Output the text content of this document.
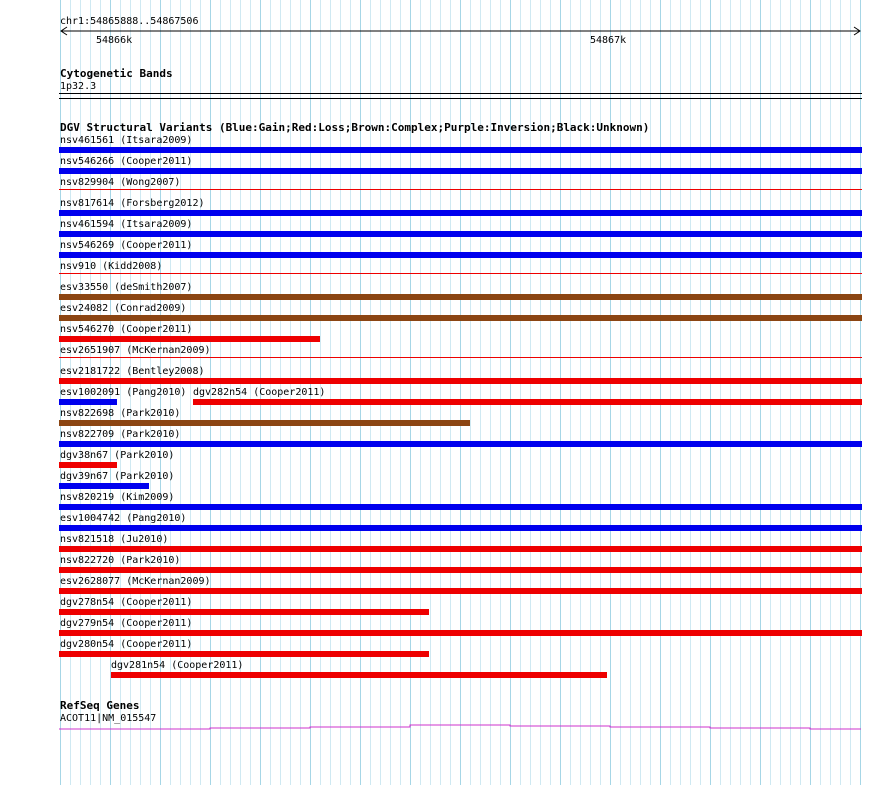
chr1:54865888..54867506
54866k	54867k
Cytogenetic Bands
1p32.3
DGV Structural Variants (Blue:Gain;Red:Loss;Brown:Complex;Purple:Inversion;Black:Unknown)
nsv461561 (Itsara2009)
nsv546266 (Cooper2011)
nsv829904 (Wong2007)
nsv817614 (Forsberg2012)
nsv461594 (Itsara2009)
nsv546269 (Cooper2011)
nsv910 (Kidd2008)
esv33550 (deSmith2007)
esv24082 (Conrad2009)
nsv546270 (Cooper2011)
esv2651907 (McKernan2009)
esv2181722 (Bentley2008)
esv1002091 (Pang2010) dgv282n54 (Cooper2011)
nsv822698 (Park2010)
nsv822709 (Park2010)
dgv38n67 (Park2010)
dgv39n67 (Park2010)
nsv820219 (Kim2009)
esv1004742 (Pang2010)
nsv821518 (Ju2010)
nsv822720 (Park2010)
esv2628077 (McKernan2009)
dgv278n54 (Cooper2011)
dgv279n54 (Cooper2011)
dgv280n54 (Cooper2011)
dgv281n54 (Cooper2011)
RefSeq Genes
ACOT11|NM_015547
